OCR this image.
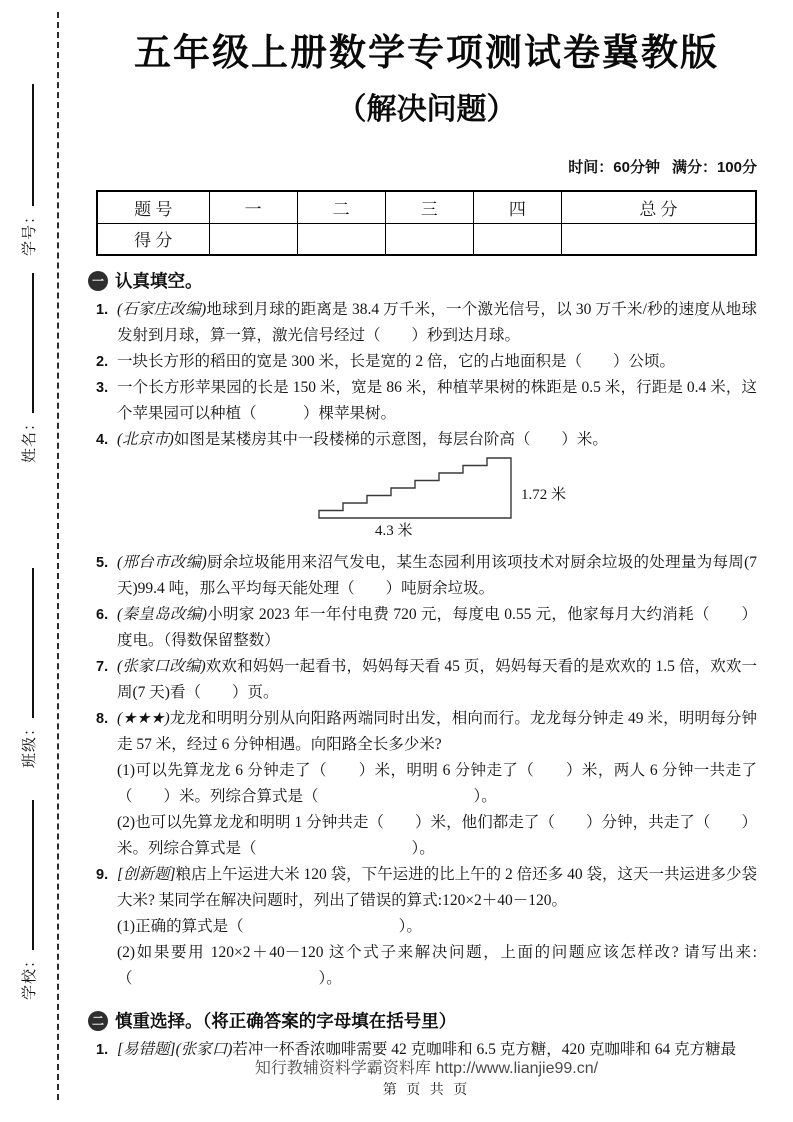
学号：
姓名：
班级：
学校：
五年级上册数学专项测试卷冀教版
（解决问题）
时间：60分钟 满分：100分
题 号	一	二	三	四	总 分
得 分					
一 认真填空。
1. (石家庄改编)地球到月球的距离是 38.4 万千米，一个激光信号，以 30 万千米/秒的速度从地球发射到月球，算一算，激光信号经过（　　）秒到达月球。
2. 一块长方形的稻田的宽是 300 米，长是宽的 2 倍，它的占地面积是（　　）公顷。
3. 一个长方形苹果园的长是 150 米，宽是 86 米，种植苹果树的株距是 0.5 米，行距是 0.4 米，这个苹果园可以种植（　　　）棵苹果树。
4. (北京市)如图是某楼房其中一段楼梯的示意图，每层台阶高（　　）米。
1.72 米
4.3 米
5. (邢台市改编)厨余垃圾能用来沼气发电，某生态园利用该项技术对厨余垃圾的处理量为每周(7 天)99.4 吨，那么平均每天能处理（　　）吨厨余垃圾。
6. (秦皇岛改编)小明家 2023 年一年付电费 720 元，每度电 0.55 元，他家每月大约消耗（　　）度电。（得数保留整数）
7. (张家口改编)欢欢和妈妈一起看书，妈妈每天看 45 页，妈妈每天看的是欢欢的 1.5 倍，欢欢一周(7 天)看（　　）页。
8. (★★★)龙龙和明明分别从向阳路两端同时出发，相向而行。龙龙每分钟走 49 米，明明每分钟走 57 米，经过 6 分钟相遇。向阳路全长多少米?
(1)可以先算龙龙 6 分钟走了（　　）米，明明 6 分钟走了（　　）米，两人 6 分钟一共走了（　　）米。列综合算式是（　　　　　　　　　　）。
(2)也可以先算龙龙和明明 1 分钟共走（　　）米，他们都走了（　　）分钟，共走了（　　）米。列综合算式是（　　　　　　　　　　）。
9. [创新题]粮店上午运进大米 120 袋，下午运进的比上午的 2 倍还多 40 袋，这天一共运进多少袋大米? 某同学在解决问题时，列出了错误的算式:120×2＋40－120。
(1)正确的算式是（　　　　　　　　　　）。
(2)如果要用 120×2＋40－120 这个式子来解决问题，上面的问题应该怎样改? 请写出来:（　　　　　　　　　　　　）。
二 慎重选择。（将正确答案的字母填在括号里）
1. [易错题](张家口)若冲一杯香浓咖啡需要 42 克咖啡和 6.5 克方糖，420 克咖啡和 64 克方糖最
知行教辅资料学霸资料库 http://www.lianjie99.cn/
第 页 共 页
